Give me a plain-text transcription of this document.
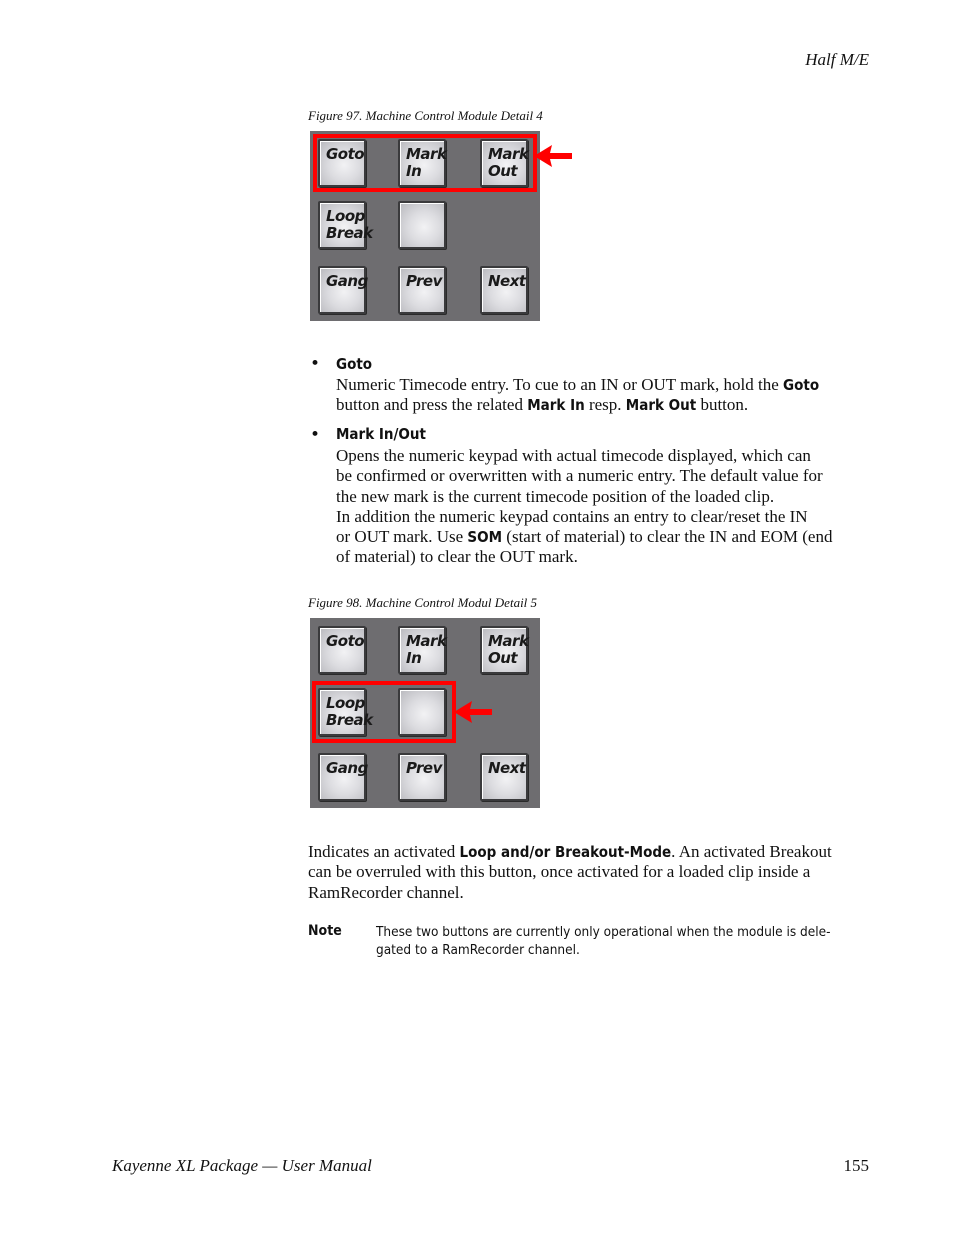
Half M/E
Figure 97. Machine Control Module Detail 4
Goto	Mark
In
Mark
Out
Loop
Break
Gang	Prev	Next
• Goto
Numeric Timecode entry. To cue to an IN or OUT mark, hold the Goto
button and press the related Mark In resp. Mark Out button.
• Mark In/Out
Opens the numeric keypad with actual timecode displayed, which can
be confirmed or overwritten with a numeric entry. The default value for
the new mark is the current timecode position of the loaded clip.
In addition the numeric keypad contains an entry to clear/reset the IN
or OUT mark. Use SOM (start of material) to clear the IN and EOM (end
of material) to clear the OUT mark.
Figure 98. Machine Control Modul Detail 5
Goto	Mark
In
Mark
Out
Loop
Break
Gang	Prev	Next
Indicates an activated Loop and/or Breakout-Mode. An activated Breakout
can be overruled with this button, once activated for a loaded clip inside a
RamRecorder channel.
Note	These two buttons are currently only operational when the module is dele-
gated to a RamRecorder channel.
Kayenne XL Package — User Manual	155
